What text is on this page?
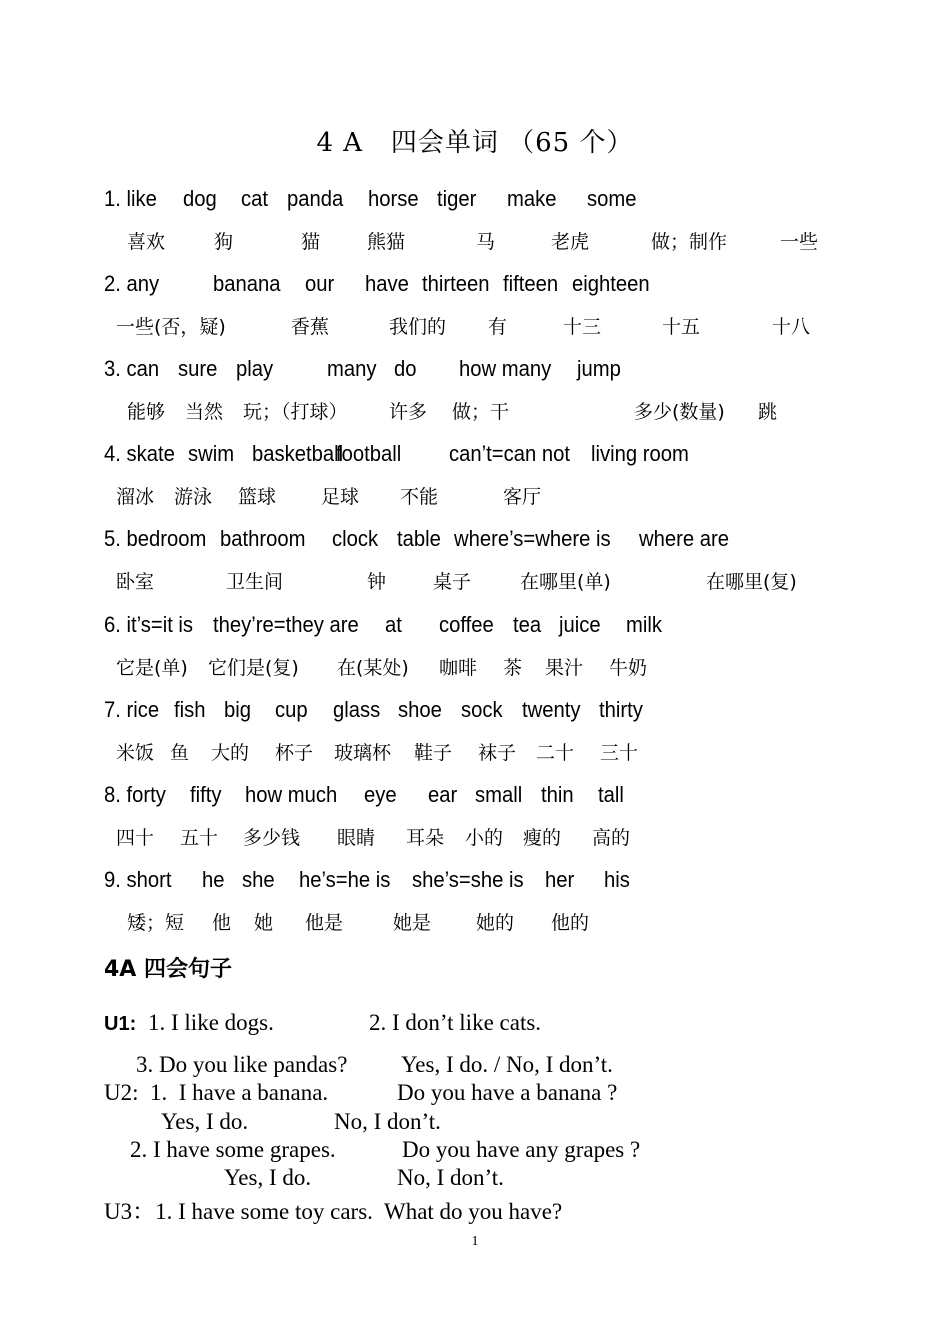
4 A   四会单词 （65 个）
1. like dog cat panda horse tiger make some
喜欢	狗	猫 熊猫	马	老虎	做；制作	一些
2. any banana our have thirteen fifteen eighteen
一些(否，疑)	香蕉	我们的 有	十三	十五	十八
3. can sure play many do how many jump
能够 当然 玩；（打球） 许多 做；干	多少(数量) 跳
4. skate swim basketball
football can’t=can not living room
溜冰 游泳 篮球 足球 不能	客厅
5. bedroom bathroom clock table where’s=where is where are
卧室	卫生间	钟 桌子	在哪里(单)	在哪里(复)
6. it’s=it is they’re=they are at coffee tea juice milk
它是(单) 它们是(复) 在(某处) 咖啡 茶 果汁 牛奶
7. rice fish big cup glass shoe sock twenty thirty
米饭 鱼 大的 杯子 玻璃杯 鞋子 袜子 二十 三十
8. forty fifty how much eye ear small thin tall
四十 五十 多少钱 眼睛 耳朵 小的 瘦的 高的
9. short he she he’s=he is she’s=she is her his
矮；短 他 她 他是	她是 她的 他的
4A 四会句子
U1: 1. I like dogs.	2. I don’t like cats.
3. Do you like pandas? Yes, I do. / No, I don’t.
U2:  1.  I have a banana.	Do you have a banana ?
Yes, I do.	No, I don’t.
2. I have some grapes.	Do you have any grapes ?
Yes, I do.	No, I don’t.
U3：1. I have some toy cars.  What do you have?
1
